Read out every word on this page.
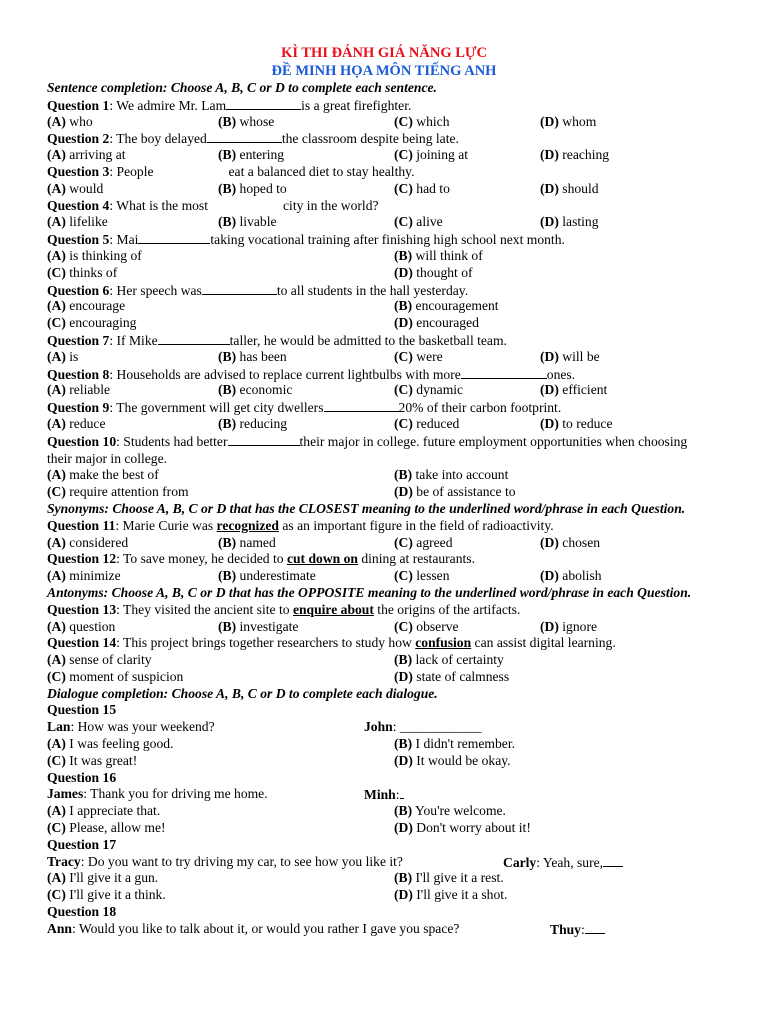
KÌ THI ĐÁNH GIÁ NĂNG LỰC
ĐỀ MINH HỌA MÔN TIẾNG ANH
Sentence completion: Choose A, B, C or D to complete each sentence.
Question 1: We admire Mr. Lam	is a great firefighter.
(A) who	(B) whose	(C) which	(D) whom
Question 2: The boy delayed	the classroom despite being late.
(A) arriving at	(B) entering	(C) joining at	(D) reaching
Question 3: People	eat a balanced diet to stay healthy.
(A) would	(B) hoped to	(C) had to	(D) should
Question 4: What is the most	city in the world?
(A) lifelike	(B) livable	(C) alive	(D) lasting
Question 5: Mai	taking vocational training after finishing high school next month.
(A) is thinking of	(B) will think of
(C) thinks of	(D) thought of
Question 6: Her speech was	to all students in the hall yesterday.
(A) encourage	(B) encouragement
(C) encouraging	(D) encouraged
Question 7: If Mike	taller, he would be admitted to the basketball team.
(A) is	(B) has been	(C) were	(D) will be
Question 8: Households are advised to replace current lightbulbs with more	ones.
(A) reliable	(B) economic	(C) dynamic	(D) efficient
Question 9: The government will get city dwellers	20% of their carbon footprint.
(A) reduce	(B) reducing	(C) reduced	(D) to reduce
Question 10: Students had better	their major in college. future employment opportunities when choosing their major in college.
(A) make the best of	(B) take into account
(C) require attention from	(D) be of assistance to
Synonyms: Choose A, B, C or D that has the CLOSEST meaning to the underlined word/phrase in each Question.
Question 11: Marie Curie was recognized as an important figure in the field of radioactivity.
(A) considered	(B) named	(C) agreed	(D) chosen
Question 12: To save money, he decided to cut down on dining at restaurants.
(A) minimize	(B) underestimate	(C) lessen	(D) abolish
Antonyms: Choose A, B, C or D that has the OPPOSITE meaning to the underlined word/phrase in each Question.
Question 13: They visited the ancient site to enquire about the origins of the artifacts.
(A) question	(B) investigate	(C) observe	(D) ignore
Question 14: This project brings together researchers to study how confusion can assist digital learning.
(A) sense of clarity	(B) lack of certainty
(C) moment of suspicion	(D) state of calmness
Dialogue completion: Choose A, B, C or D to complete each dialogue.
Question 15
Lan: How was your weekend?	John: ____________
(A) I was feeling good.	(B) I didn't remember.
(C) It was great!	(D) It would be okay.
Question 16
James: Thank you for driving me home.	Minh:
(A) I appreciate that.	(B) You're welcome.
(C) Please, allow me!	(D) Don't worry about it!
Question 17
Tracy: Do you want to try driving my car, to see how you like it?	Carly: Yeah, sure,
(A) I'll give it a gun.	(B) I'll give it a rest.
(C) I'll give it a think.	(D) I'll give it a shot.
Question 18
Ann: Would you like to talk about it, or would you rather I gave you space?	Thuy:
